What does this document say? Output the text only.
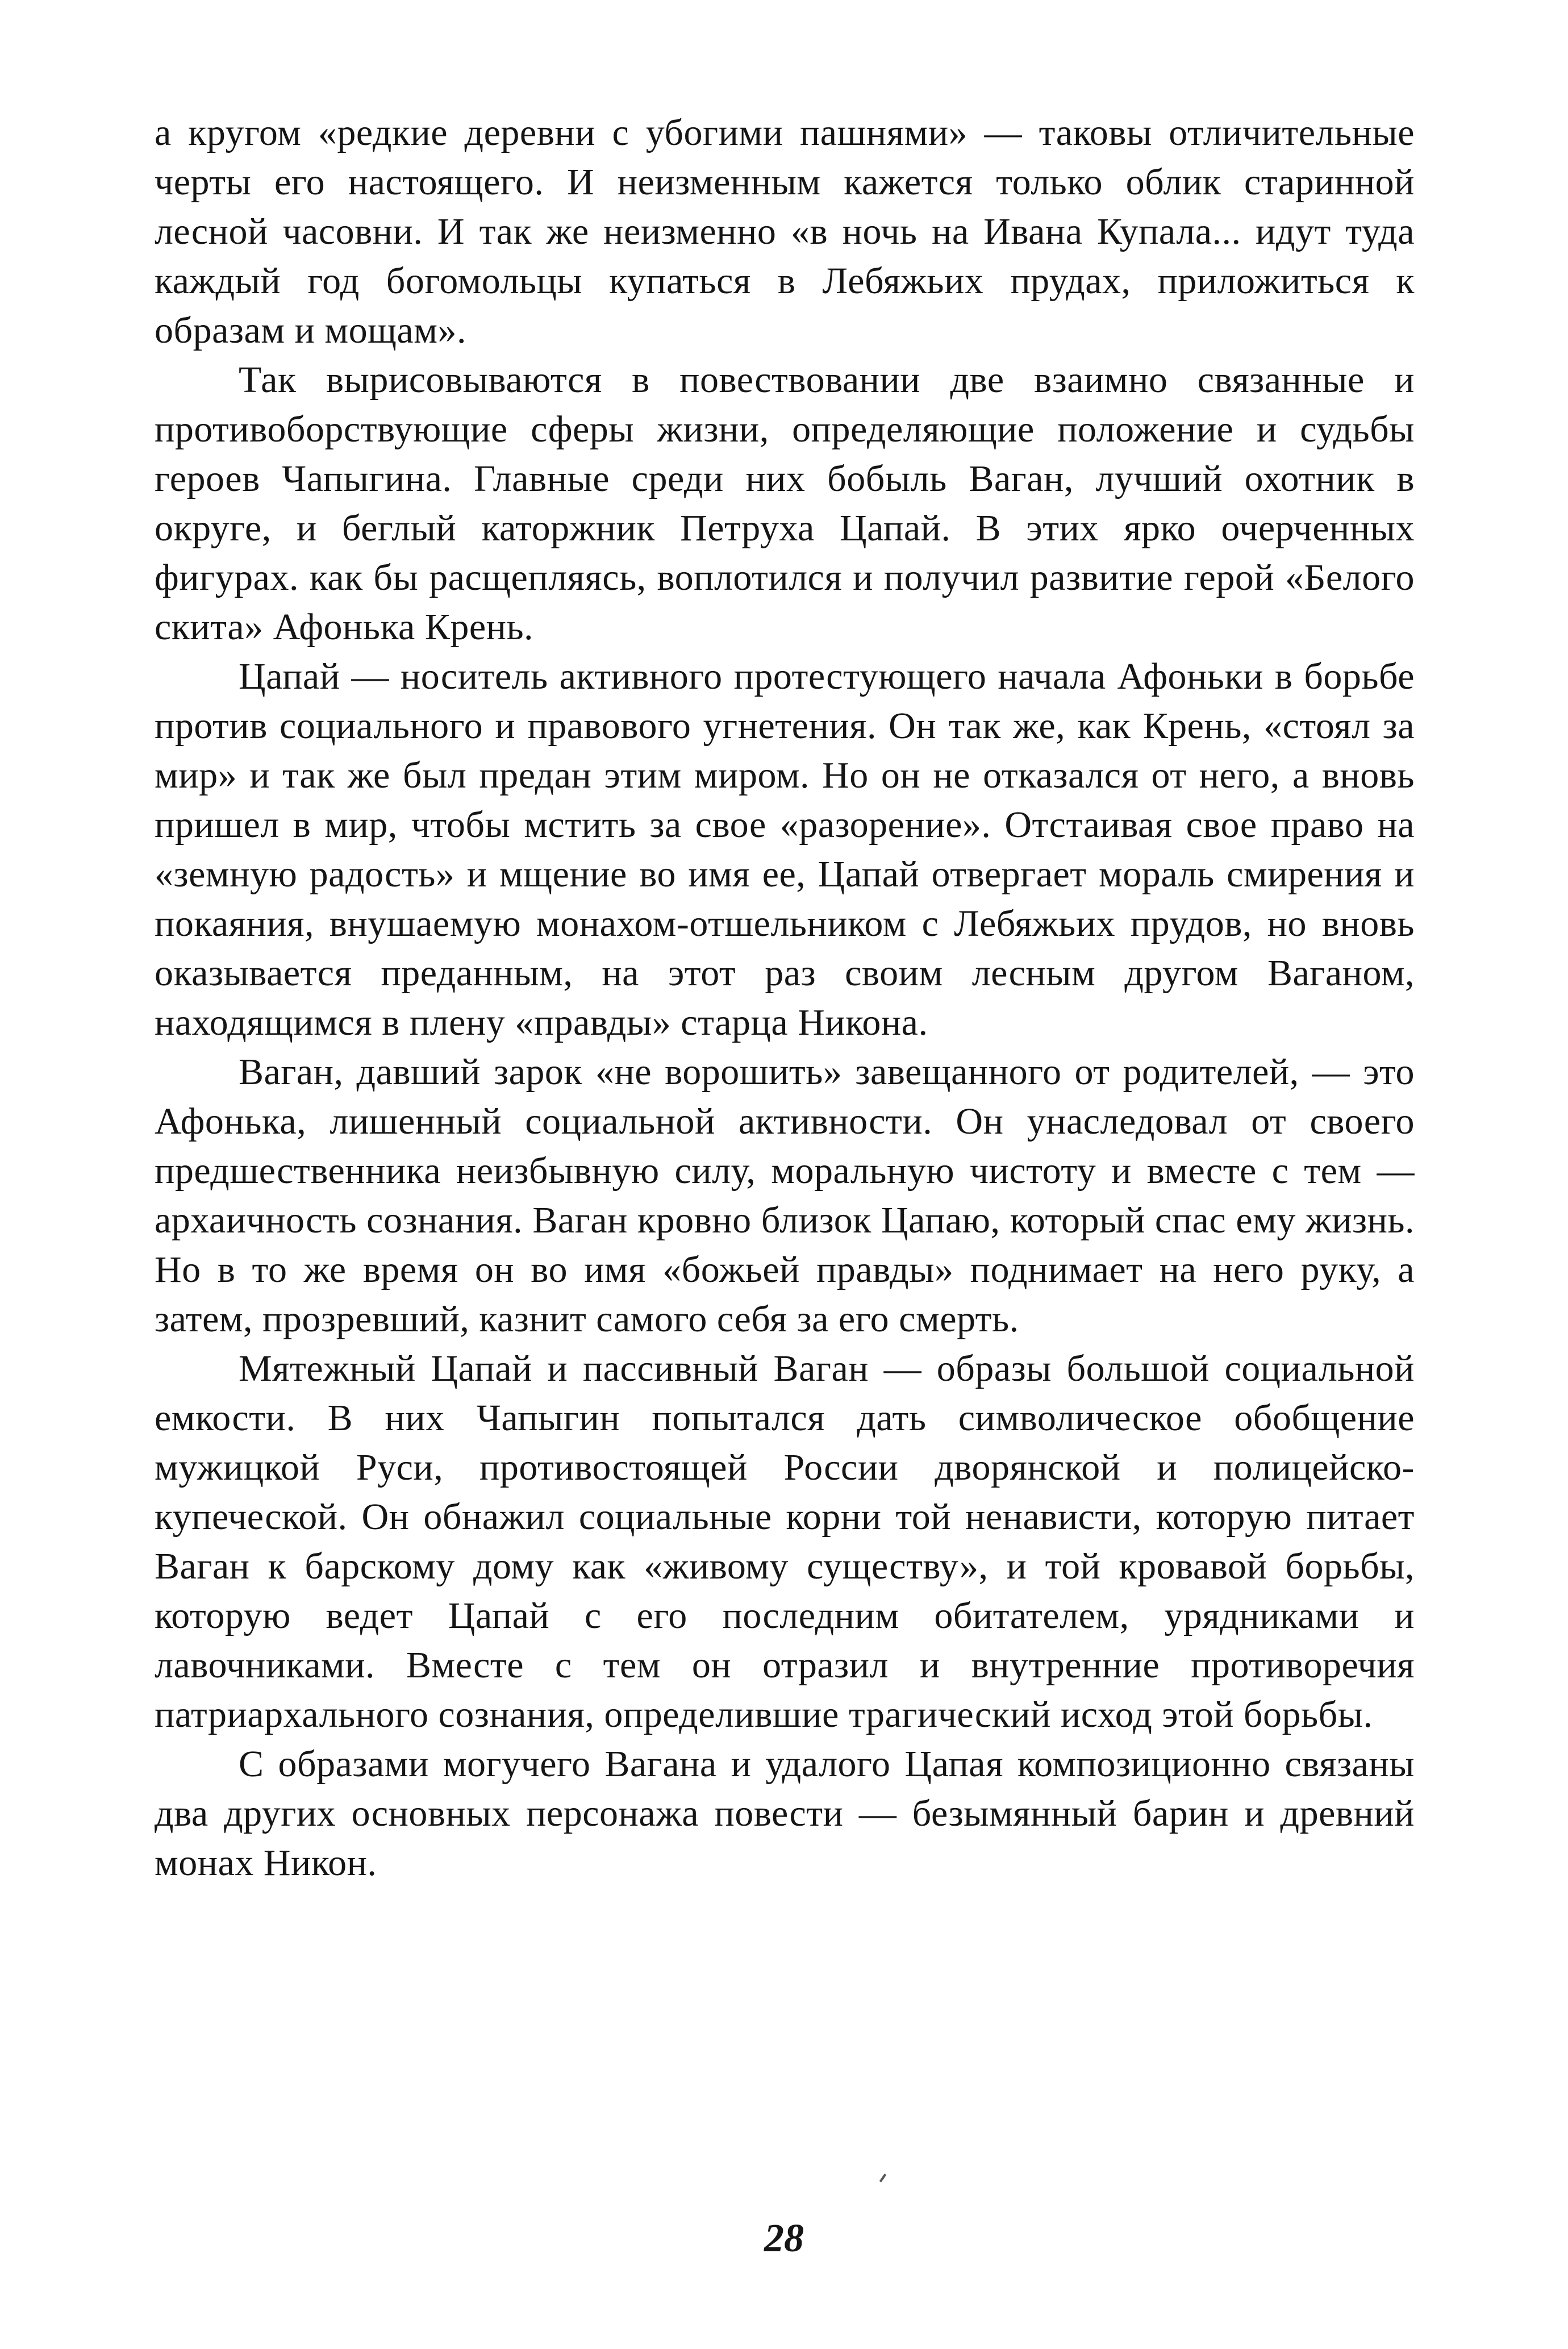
а кругом «редкие деревни с убогими пашнями» — таковы отличительные черты его настоящего. И неизменным кажется только облик старинной лесной часовни. И так же неизменно «в ночь на Ивана Купала... идут туда каждый год богомольцы купаться в Лебяжьих прудах, приложиться к образам и мощам».

Так вырисовываются в повествовании две взаимно связанные и противоборствующие сферы жизни, определяющие положение и судьбы героев Чапыгина. Главные среди них бобыль Ваган, лучший охотник в округе, и беглый каторжник Петруха Цапай. В этих ярко очерченных фигурах. как бы расщепляясь, воплотился и получил развитие герой «Белого скита» Афонька Крень.

Цапай — носитель активного протестующего начала Афоньки в борьбе против социального и правового угнетения. Он так же, как Крень, «стоял за мир» и так же был предан этим миром. Но он не отказался от него, а вновь пришел в мир, чтобы мстить за свое «разорение». Отстаивая свое право на «земную радость» и мщение во имя ее, Цапай отвергает мораль смирения и покаяния, внушаемую монахом-отшельником с Лебяжьих прудов, но вновь оказывается преданным, на этот раз своим лесным другом Ваганом, находящимся в плену «правды» старца Никона.

Ваган, давший зарок «не ворошить» завещанного от родителей, — это Афонька, лишенный социальной активности. Он унаследовал от своего предшественника неизбывную силу, моральную чистоту и вместе с тем — архаичность сознания. Ваган кровно близок Цапаю, который спас ему жизнь. Но в то же время он во имя «божьей правды» поднимает на него руку, а затем, прозревший, казнит самого себя за его смерть.

Мятежный Цапай и пассивный Ваган — образы большой социальной емкости. В них Чапыгин попытался дать символическое обобщение мужицкой Руси, противостоящей России дворянской и полицейско-купеческой. Он обнажил социальные корни той ненависти, которую питает Ваган к барскому дому как «живому существу», и той кровавой борьбы, которую ведет Цапай с его последним обитателем, урядниками и лавочниками. Вместе с тем он отразил и внутренние противоречия патриархального сознания, определившие трагический исход этой борьбы.

С образами могучего Вагана и удалого Цапая композиционно связаны два других основных персонажа повести — безымянный барин и древний монах Никон.

28
